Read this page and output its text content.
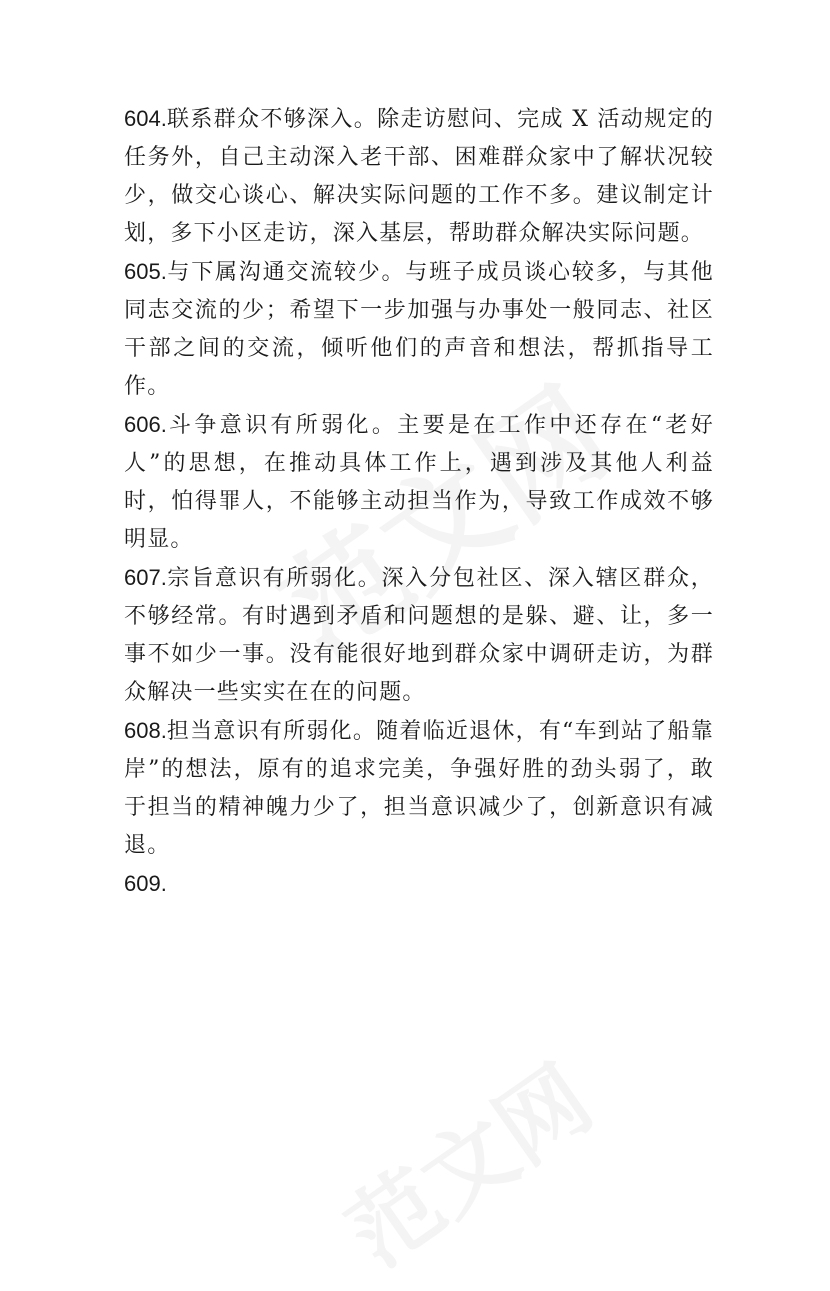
604.联系群众不够深入。除走访慰问、完成 X 活动规定的任务外，自己主动深入老干部、困难群众家中了解状况较少，做交心谈心、解决实际问题的工作不多。建议制定计划，多下小区走访，深入基层，帮助群众解决实际问题。

605.与下属沟通交流较少。与班子成员谈心较多，与其他同志交流的少；希望下一步加强与办事处一般同志、社区干部之间的交流，倾听他们的声音和想法，帮抓指导工作。

606.斗争意识有所弱化。主要是在工作中还存在“老好人”的思想，在推动具体工作上，遇到涉及其他人利益时，怕得罪人，不能够主动担当作为，导致工作成效不够明显。

607.宗旨意识有所弱化。深入分包社区、深入辖区群众，不够经常。有时遇到矛盾和问题想的是躲、避、让，多一事不如少一事。没有能很好地到群众家中调研走访，为群众解决一些实实在在的问题。

608.担当意识有所弱化。随着临近退休，有“车到站了船靠岸”的想法，原有的追求完美，争强好胜的劲头弱了，敢于担当的精神魄力少了，担当意识减少了，创新意识有减退。

609.
